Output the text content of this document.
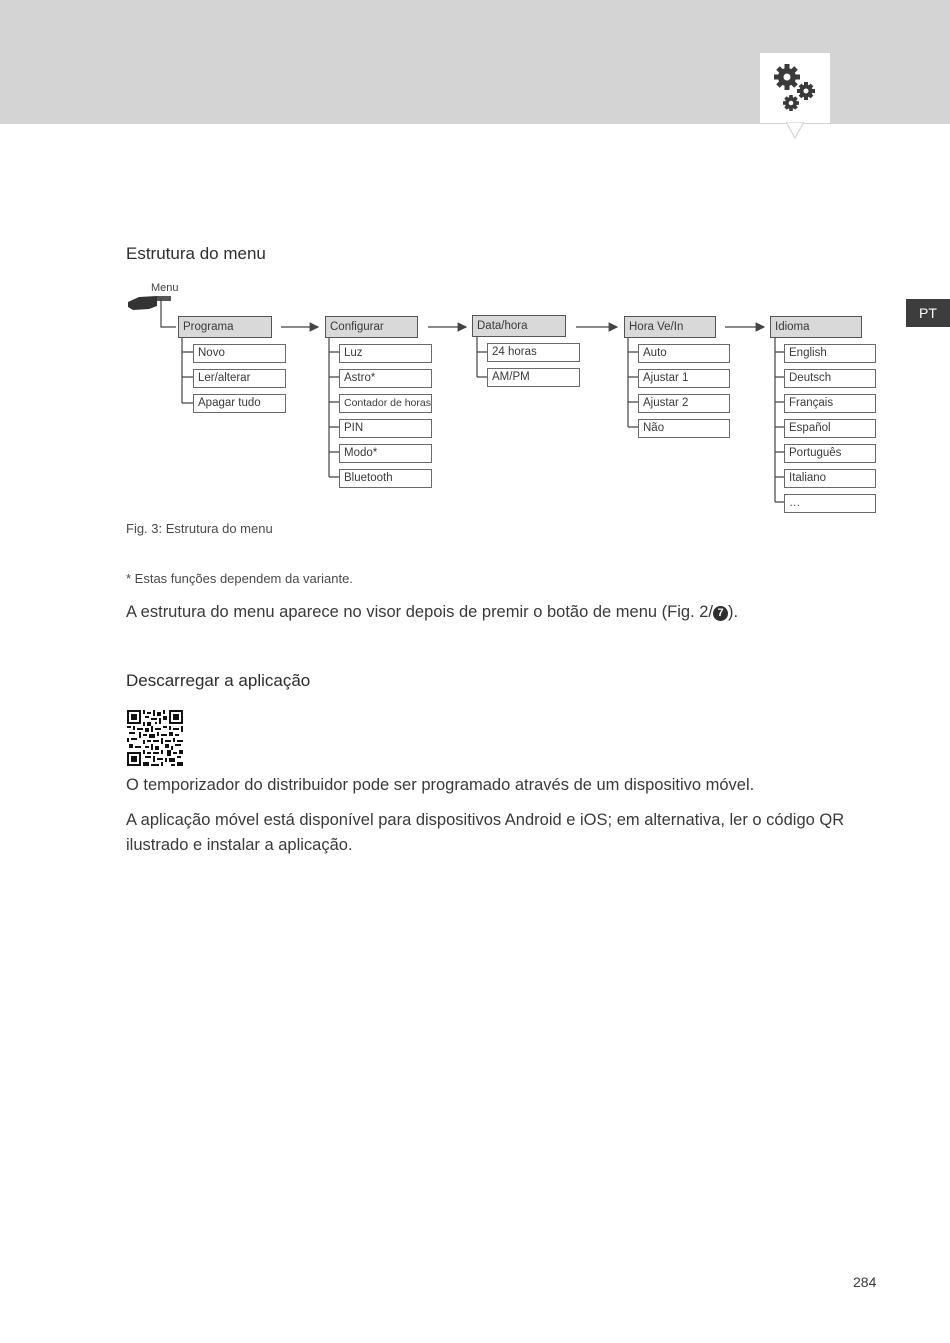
PT
Estrutura do menu
Menu
Programa
Novo
Ler/alterar
Apagar tudo
Configurar
Luz
Astro*
Contador de horas
PIN
Modo*
Bluetooth
Data/hora
24 horas
AM/PM
Hora Ve/In
Auto
Ajustar 1
Ajustar 2
Não
Idioma
English
Deutsch
Français
Español
Português
Italiano
…
Fig. 3: Estrutura do menu
* Estas funções dependem da variante.

A estrutura do menu aparece no visor depois de premir o botão de menu (Fig. 2/ 7 ).

Descarregar a aplicação

O temporizador do distribuidor pode ser programado através de um dispositivo móvel.

A aplicação móvel está disponível para dispositivos Android e iOS; em alternativa, ler o código QR ilustrado e instalar a aplicação.

284
